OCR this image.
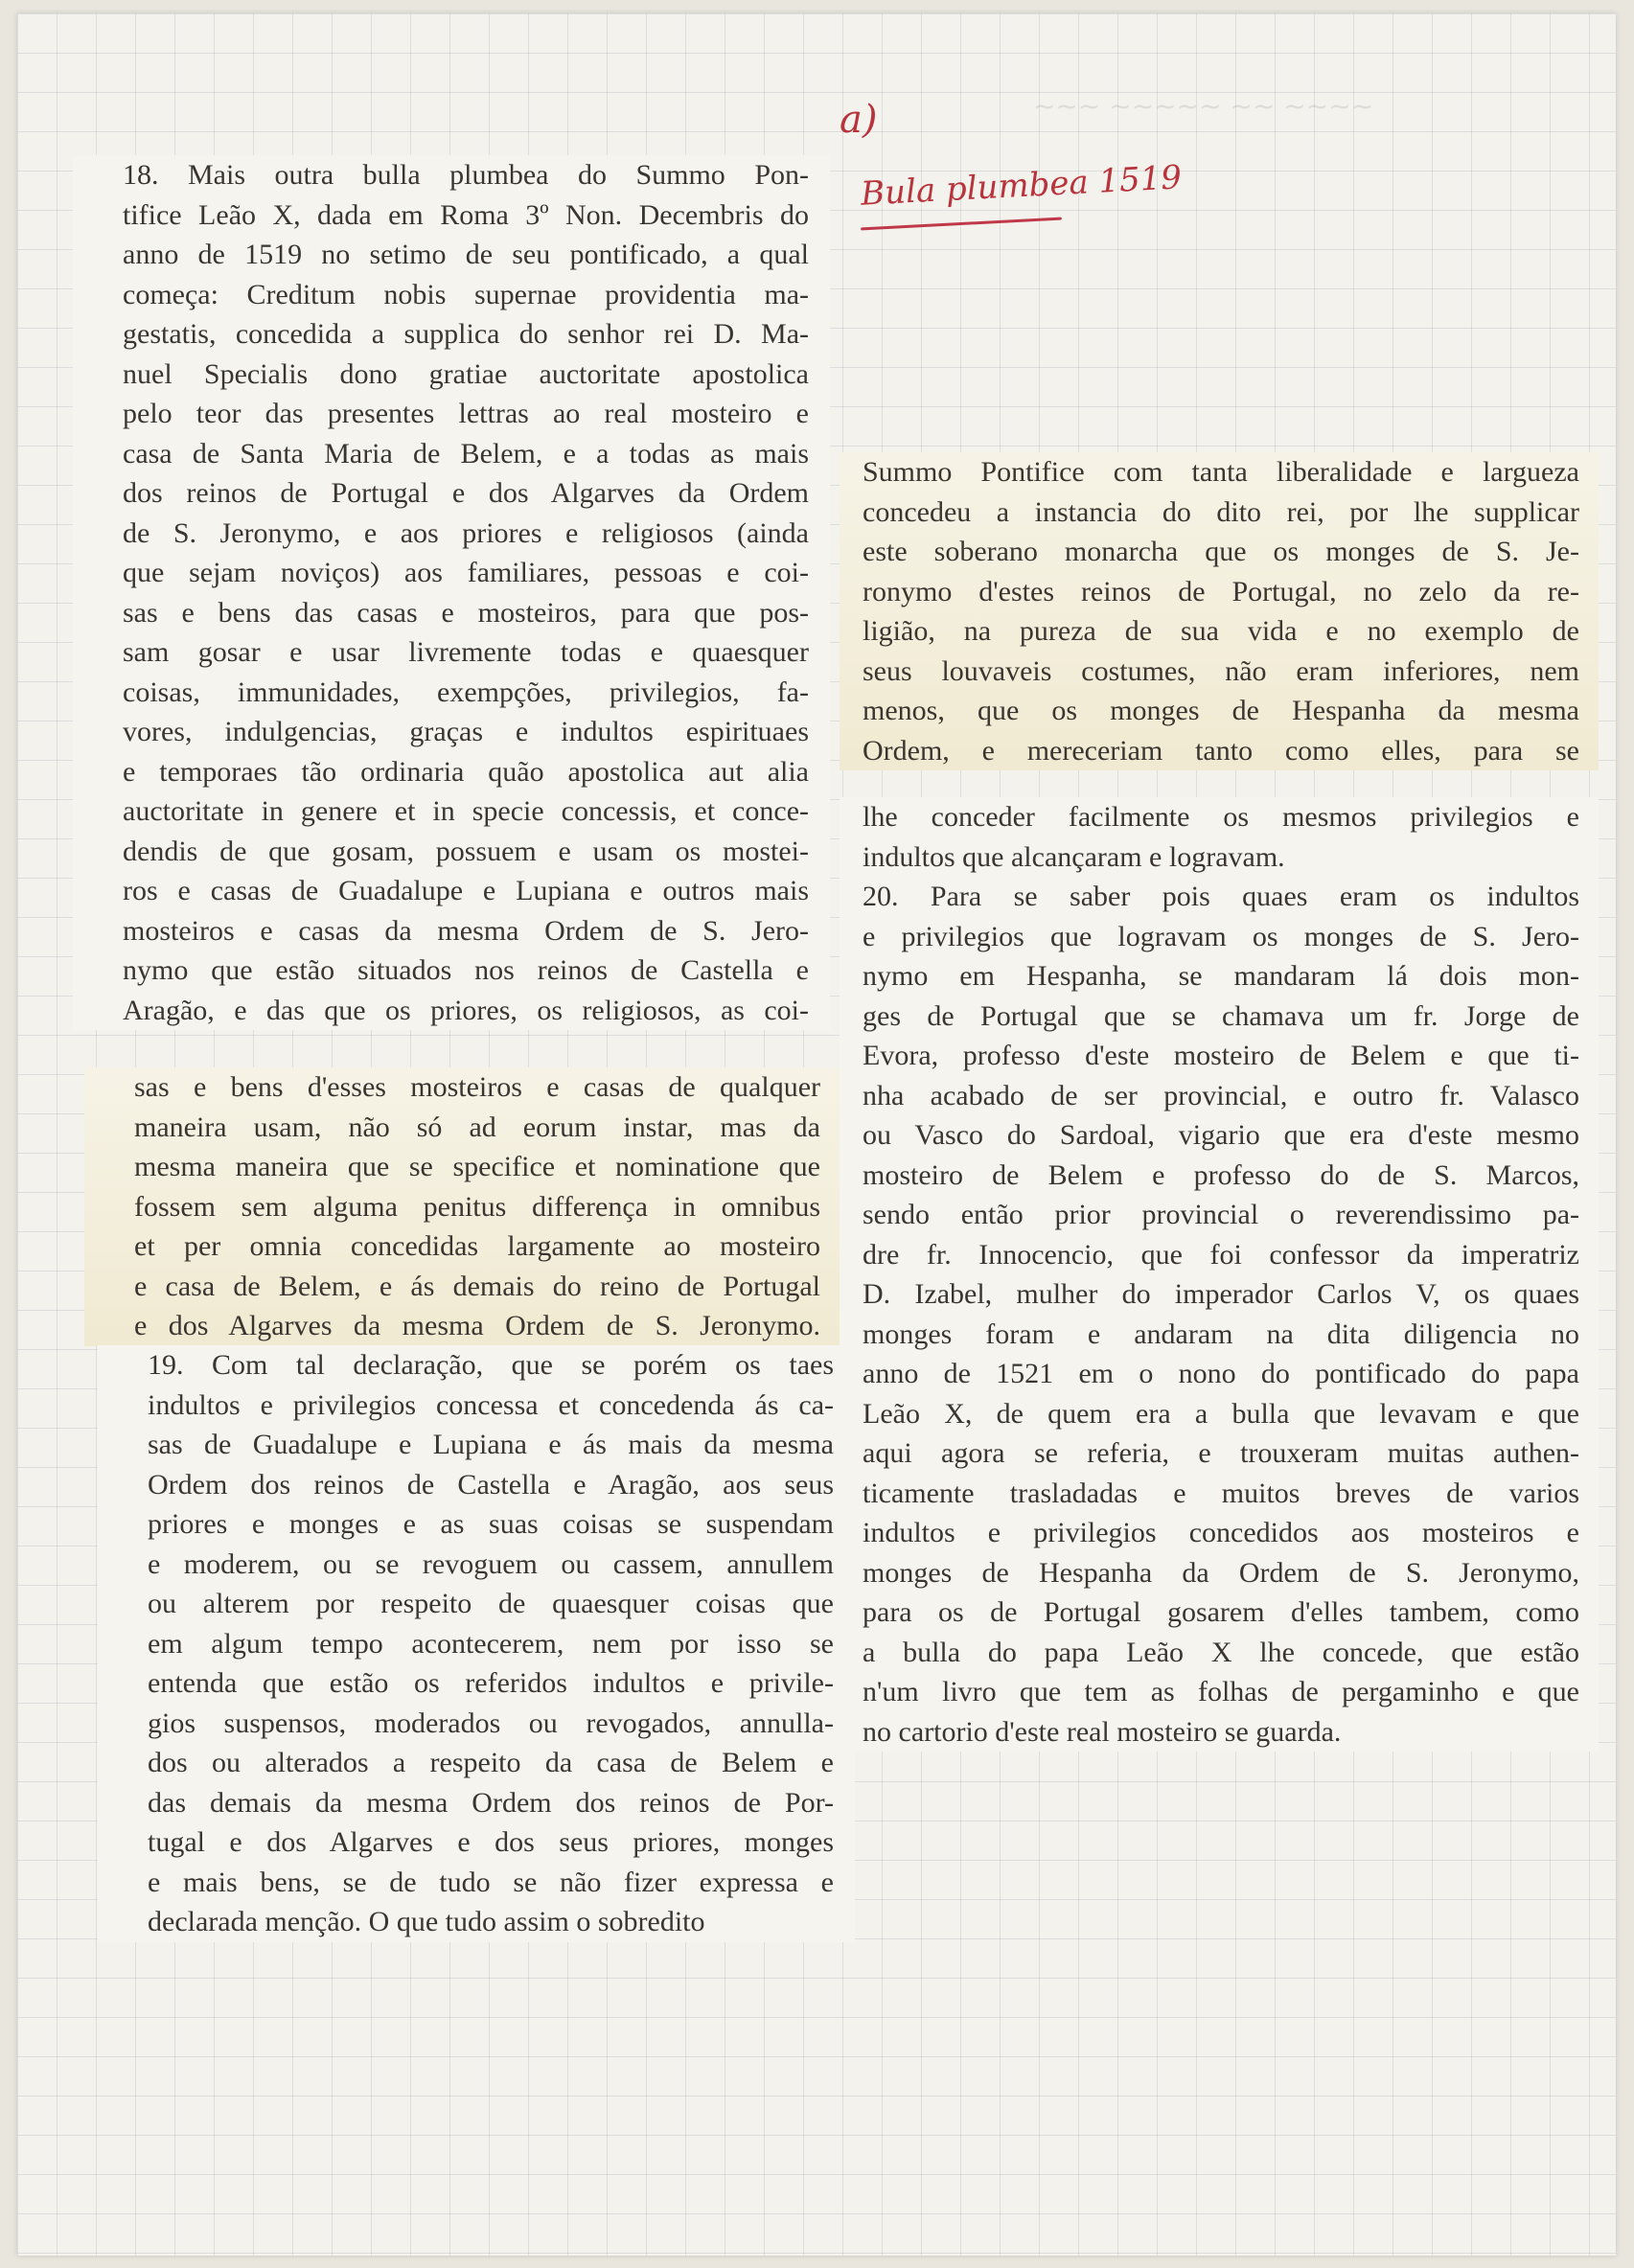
~~~ ~~~~~ ~~ ~~~~
a)
Bula plumbea 1519
18. Mais outra bulla plumbea do Summo Pon-
tifice Leão X, dada em Roma 3º Non. Decembris do
anno de 1519 no setimo de seu pontificado, a qual
começa: Creditum nobis supernae providentia ma-
gestatis, concedida a supplica do senhor rei D. Ma-
nuel Specialis dono gratiae auctoritate apostolica
pelo teor das presentes lettras ao real mosteiro e
casa de Santa Maria de Belem, e a todas as mais
dos reinos de Portugal e dos Algarves da Ordem
de S. Jeronymo, e aos priores e religiosos (ainda
que sejam noviços) aos familiares, pessoas e coi-
sas e bens das casas e mosteiros, para que pos-
sam gosar e usar livremente todas e quaesquer
coisas, immunidades, exempções, privilegios, fa-
vores, indulgencias, graças e indultos espirituaes
e temporaes tão ordinaria quão apostolica aut alia
auctoritate in genere et in specie concessis, et conce-
dendis de que gosam, possuem e usam os mostei-
ros e casas de Guadalupe e Lupiana e outros mais
mosteiros e casas da mesma Ordem de S. Jero-
nymo que estão situados nos reinos de Castella e
Aragão, e das que os priores, os religiosos, as coi-
sas e bens d'esses mosteiros e casas de qualquer
maneira usam, não só ad eorum instar, mas da
mesma maneira que se specifice et nominatione que
fossem sem alguma penitus differença in omnibus
et per omnia concedidas largamente ao mosteiro
e casa de Belem, e ás demais do reino de Portugal
e dos Algarves da mesma Ordem de S. Jeronymo.
19. Com tal declaração, que se porém os taes
indultos e privilegios concessa et concedenda ás ca-
sas de Guadalupe e Lupiana e ás mais da mesma
Ordem dos reinos de Castella e Aragão, aos seus
priores e monges e as suas coisas se suspendam
e moderem, ou se revoguem ou cassem, annullem
ou alterem por respeito de quaesquer coisas que
em algum tempo acontecerem, nem por isso se
entenda que estão os referidos indultos e privile-
gios suspensos, moderados ou revogados, annulla-
dos ou alterados a respeito da casa de Belem e
das demais da mesma Ordem dos reinos de Por-
tugal e dos Algarves e dos seus priores, monges
e mais bens, se de tudo se não fizer expressa e
declarada menção. O que tudo assim o sobredito
Summo Pontifice com tanta liberalidade e largueza
concedeu a instancia do dito rei, por lhe supplicar
este soberano monarcha que os monges de S. Je-
ronymo d'estes reinos de Portugal, no zelo da re-
ligião, na pureza de sua vida e no exemplo de
seus louvaveis costumes, não eram inferiores, nem
menos, que os monges de Hespanha da mesma
Ordem, e mereceriam tanto como elles, para se
lhe conceder facilmente os mesmos privilegios e
indultos que alcançaram e logravam.
20. Para se saber pois quaes eram os indultos
e privilegios que logravam os monges de S. Jero-
nymo em Hespanha, se mandaram lá dois mon-
ges de Portugal que se chamava um fr. Jorge de
Evora, professo d'este mosteiro de Belem e que ti-
nha acabado de ser provincial, e outro fr. Valasco
ou Vasco do Sardoal, vigario que era d'este mesmo
mosteiro de Belem e professo do de S. Marcos,
sendo então prior provincial o reverendissimo pa-
dre fr. Innocencio, que foi confessor da imperatriz
D. Izabel, mulher do imperador Carlos V, os quaes
monges foram e andaram na dita diligencia no
anno de 1521 em o nono do pontificado do papa
Leão X, de quem era a bulla que levavam e que
aqui agora se referia, e trouxeram muitas authen-
ticamente trasladadas e muitos breves de varios
indultos e privilegios concedidos aos mosteiros e
monges de Hespanha da Ordem de S. Jeronymo,
para os de Portugal gosarem d'elles tambem, como
a bulla do papa Leão X lhe concede, que estão
n'um livro que tem as folhas de pergaminho e que
no cartorio d'este real mosteiro se guarda.
